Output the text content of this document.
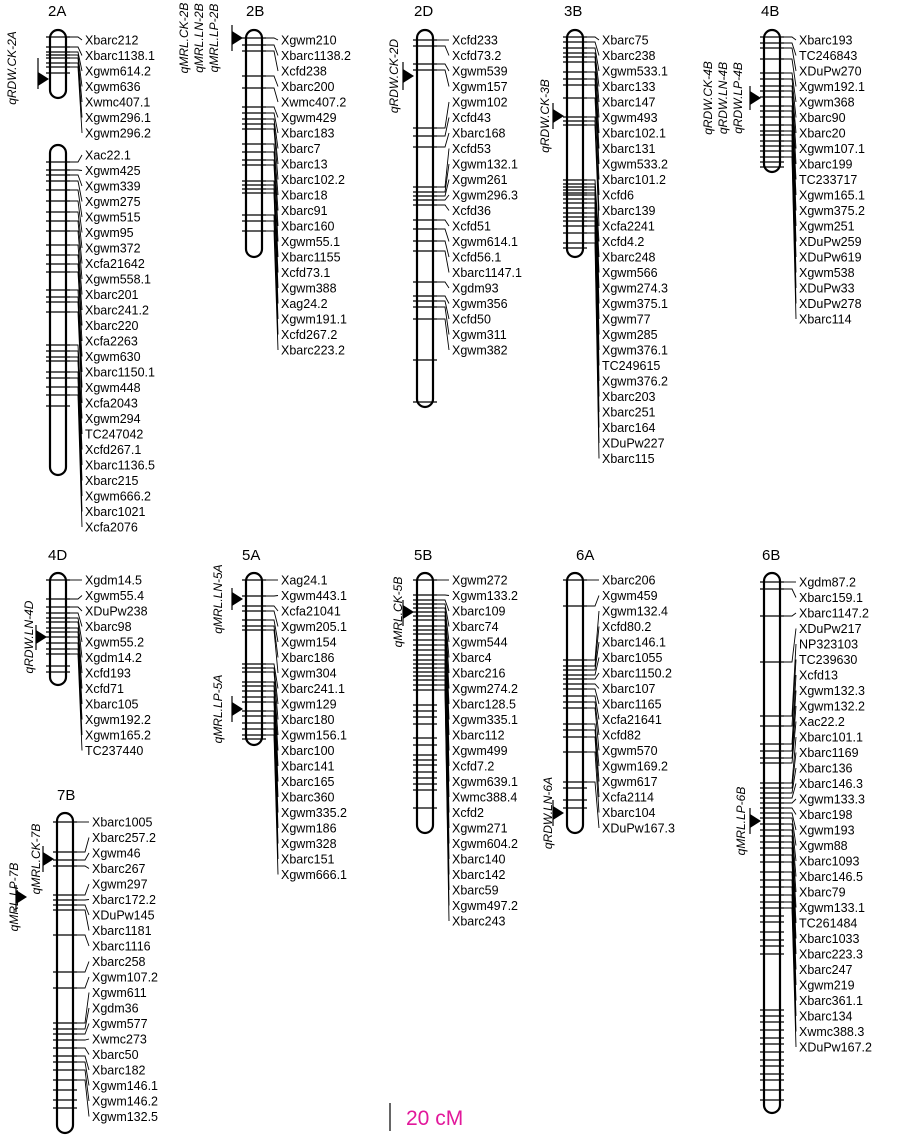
2A
Xbarc212
Xbarc1138.1
Xgwm614.2
Xgwm636
Xwmc407.1
Xgwm296.1
Xgwm296.2
Xac22.1
Xgwm425
Xgwm339
Xgwm275
Xgwm515
Xgwm95
Xgwm372
Xcfa21642
Xgwm558.1
Xbarc201
Xbarc241.2
Xbarc220
Xcfa2263
Xgwm630
Xbarc1150.1
Xgwm448
Xcfa2043
Xgwm294
TC247042
Xcfd267.1
Xbarc1136.5
Xbarc215
Xgwm666.2
Xbarc1021
Xcfa2076
qRDW.CK-2A
2B
Xgwm210
Xbarc1138.2
Xcfd238
Xbarc200
Xwmc407.2
Xgwm429
Xbarc183
Xbarc7
Xbarc13
Xbarc102.2
Xbarc18
Xbarc91
Xbarc160
Xgwm55.1
Xbarc1155
Xcfd73.1
Xgwm388
Xag24.2
Xgwm191.1
Xcfd267.2
Xbarc223.2
qMRL.CK-2B qMRL.LN-2B qMRL.LP-2B	2D
Xcfd233
Xcfd73.2
Xgwm539
Xgwm157
Xgwm102
Xcfd43
Xbarc168
Xcfd53
Xgwm132.1
Xgwm261
Xgwm296.3
Xcfd36
Xcfd51
Xgwm614.1
Xcfd56.1
Xbarc1147.1
Xgdm93
Xgwm356
Xcfd50
Xgwm311
Xgwm382
qRDW.CK-2D
3B
Xbarc75
Xbarc238
Xgwm533.1
Xbarc133
Xbarc147
Xgwm493
Xbarc102.1
Xbarc131
Xgwm533.2
Xbarc101.2
Xcfd6
Xbarc139
Xcfa2241
Xcfd4.2
Xbarc248
Xgwm566
Xgwm274.3
Xgwm375.1
Xgwm77
Xgwm285
Xgwm376.1
TC249615
Xgwm376.2
Xbarc203
Xbarc251
Xbarc164
XDuPw227
Xbarc115
qRDW.CK-3B
4B
Xbarc193
TC246843
XDuPw270
Xgwm192.1
Xgwm368
Xbarc90
Xbarc20
Xgwm107.1
Xbarc199
TC233717
Xgwm165.1
Xgwm375.2
Xgwm251
XDuPw259
XDuPw619
Xgwm538
XDuPw33
XDuPw278
Xbarc114
qRDW.CK-4B qRDW.LN-4B qRDW.LP-4B
4D
Xgdm14.5
Xgwm55.4
XDuPw238
Xbarc98
Xgwm55.2
Xgdm14.2
Xcfd193
Xcfd71
Xbarc105
Xgwm192.2
Xgwm165.2
TC237440
qRDW.LN-4D
5A
Xag24.1
Xgwm443.1
Xcfa21041
Xgwm205.1
Xgwm154
Xbarc186
Xgwm304
Xbarc241.1
Xgwm129
Xbarc180
Xgwm156.1
Xbarc100
Xbarc141
Xbarc165
Xbarc360
Xgwm335.2
Xgwm186
Xgwm328
Xbarc151
Xgwm666.1
qMRL.LN-5A
qMRL.LP-5A
5B
Xgwm272
Xgwm133.2
Xbarc109
Xbarc74
Xgwm544
Xbarc4
Xbarc216
Xgwm274.2
Xbarc128.5
Xgwm335.1
Xbarc112
Xgwm499
Xcfd7.2
Xgwm639.1
Xwmc388.4
Xcfd2
Xgwm271
Xgwm604.2
Xbarc140
Xbarc142
Xbarc59
Xgwm497.2
Xbarc243
qMRL.CK-5B
6A
Xbarc206
Xgwm459
Xgwm132.4
Xcfd80.2
Xbarc146.1
Xbarc1055
Xbarc1150.2
Xbarc107
Xbarc1165
Xcfa21641
Xcfd82
Xgwm570
Xgwm169.2
Xgwm617
Xcfa2114
Xbarc104
XDuPw167.3
qRDW.LN-6A
6B
Xgdm87.2
Xbarc159.1
Xbarc1147.2
XDuPw217
NP323103
TC239630
Xcfd13
Xgwm132.3
Xgwm132.2
Xac22.2
Xbarc101.1
Xbarc1169
Xbarc136
Xbarc146.3
Xgwm133.3
Xbarc198
Xgwm193
Xgwm88
Xbarc1093
Xbarc146.5
Xbarc79
Xgwm133.1
TC261484
Xbarc1033
Xbarc223.3
Xbarc247
Xgwm219
Xbarc361.1
Xbarc134
Xwmc388.3
XDuPw167.2
qMRL.LP-6B
7B
Xbarc1005
Xbarc257.2
Xgwm46
Xbarc267
Xgwm297
Xbarc172.2
XDuPw145
Xbarc1181
Xbarc1116
Xbarc258
Xgwm107.2
Xgwm611
Xgdm36
Xgwm577
Xwmc273
Xbarc50
Xbarc182
Xgwm146.1
Xgwm146.2
Xgwm132.5
qMRL.LP-7B
qMRL.CK-7B
20 cM
